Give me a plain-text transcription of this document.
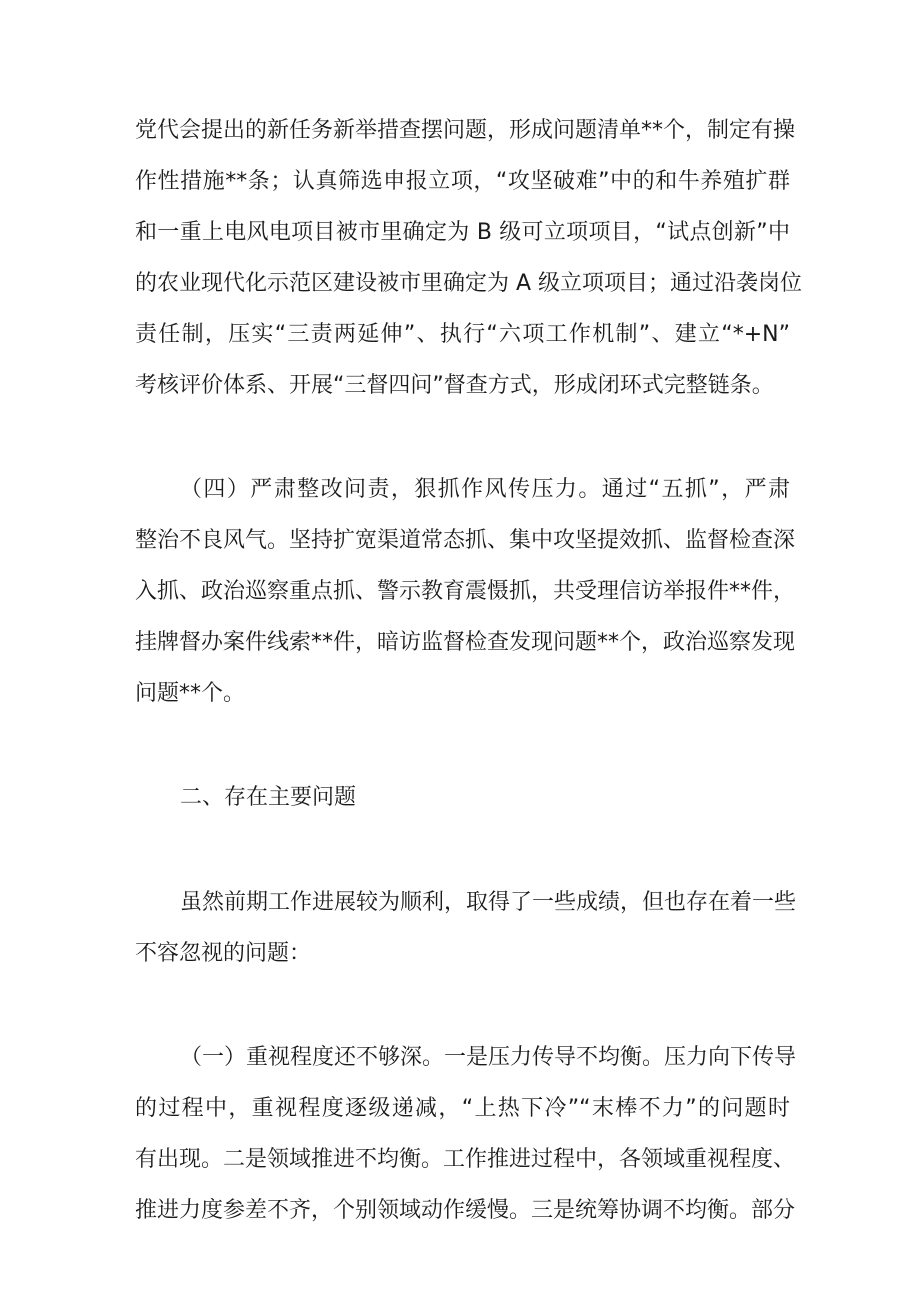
党代会提出的新任务新举措查摆问题，形成问题清单**个，制定有操
作性措施**条；认真筛选申报立项，“攻坚破难”中的和牛养殖扩群
和一重上电风电项目被市里确定为 B 级可立项项目，“试点创新”中
的农业现代化示范区建设被市里确定为 A 级立项项目；通过沿袭岗位
责任制，压实“三责两延伸”、执行“六项工作机制”、建立“*+N”
考核评价体系、开展“三督四问”督查方式，形成闭环式完整链条。
（四）严肃整改问责，狠抓作风传压力。通过“五抓”，严肃
整治不良风气。坚持扩宽渠道常态抓、集中攻坚提效抓、监督检查深
入抓、政治巡察重点抓、警示教育震慑抓，共受理信访举报件**件，
挂牌督办案件线索**件，暗访监督检查发现问题**个，政治巡察发现
问题**个。
二、存在主要问题
虽然前期工作进展较为顺利，取得了一些成绩，但也存在着一些
不容忽视的问题：
（一）重视程度还不够深。一是压力传导不均衡。压力向下传导
的过程中，重视程度逐级递减，“上热下冷”“末棒不力”的问题时
有出现。二是领域推进不均衡。工作推进过程中，各领域重视程度、
推进力度参差不齐，个别领域动作缓慢。三是统筹协调不均衡。部分
